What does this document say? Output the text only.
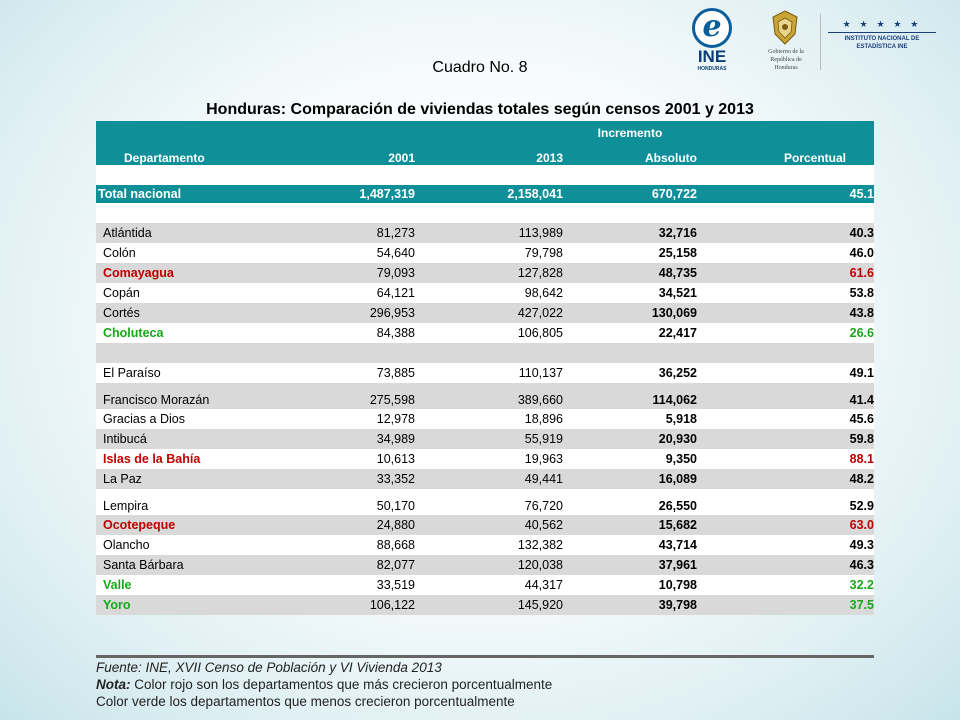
e
INE
HONDURAS
Gobierno de la República de Honduras
★ ★ ★ ★ ★
INSTITUTO NACIONAL DE ESTADÍSTICA INE
Cuadro No. 8
Honduras: Comparación de viviendas totales según censos 2001 y 2013
Incremento
Departamento	2001	2013	Absoluto	Porcentual
Total nacional	1,487,319	2,158,041	670,722	45.1
Atlántida	81,273	113,989	32,716	40.3
Colón	54,640	79,798	25,158	46.0
Comayagua	79,093	127,828	48,735	61.6
Copán	64,121	98,642	34,521	53.8
Cortés	296,953	427,022	130,069	43.8
Choluteca	84,388	106,805	22,417	26.6
El Paraíso	73,885	110,137	36,252	49.1
Francisco Morazán	275,598	389,660	114,062	41.4
Gracias a Dios	12,978	18,896	5,918	45.6
Intibucá	34,989	55,919	20,930	59.8
Islas de la Bahía	10,613	19,963	9,350	88.1
La Paz	33,352	49,441	16,089	48.2
Lempira	50,170	76,720	26,550	52.9
Ocotepeque	24,880	40,562	15,682	63.0
Olancho	88,668	132,382	43,714	49.3
Santa Bárbara	82,077	120,038	37,961	46.3
Valle	33,519	44,317	10,798	32.2
Yoro	106,122	145,920	39,798	37.5
Fuente: INE, XVII Censo de Población y VI Vivienda 2013
Nota: Color rojo son los departamentos que más crecieron porcentualmente
Color verde los departamentos que menos crecieron porcentualmente
